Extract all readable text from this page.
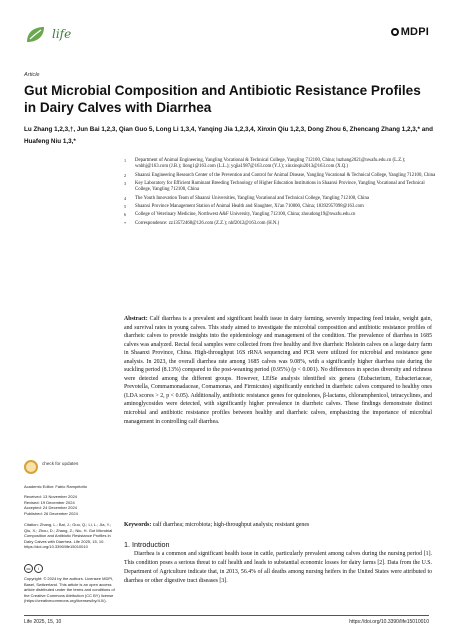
life	MDPI
Article
Gut Microbial Composition and Antibiotic Resistance Profiles in Dairy Calves with Diarrhea
Lu Zhang 1,2,3,†, Jun Bai 1,2,3, Qian Guo 5, Long Li 1,3,4, Yanqing Jia 1,2,3,4, Xinxin Qiu 1,2,3, Dong Zhou 6, Zhencang Zhang 1,2,3,* and Huafeng Niu 1,3,*
1 Department of Animal Engineering, Yangling Vocational & Technical College, Yangling 712100, China; luzhang2021@nwafu.edu.cn (L.Z.); wnbhj@163.com (J.B.); llong1@163.com (L.L.); yqjia1987@163.com (Y.J.); xinxinqiu2013@163.com (X.Q.)
2 Shaanxi Engineering Research Center of the Prevention and Control for Animal Disease, Yangling Vocational & Technical College, Yangling 712100, China
3 Key Laboratory for Efficient Ruminant Breeding Technology of Higher Education Institutions in Shaanxi Province, Yangling Vocational and Technical College, Yangling 712100, China
4 The Youth Innovation Team of Shaanxi Universities, Yangling Vocational and Technical College, Yangling 712100, China
5 Shaanxi Province Management Station of Animal Health and Slaughter, Xi'an 710000, China; 18392957098@163.com
6 College of Veterinary Medicine, Northwest A&F University, Yangling 712100, China; zhoudong19@nwafu.edu.cn
* Correspondence: zz13572468@126.com (Z.Z.); nhf2012@163.com (H.N.)
Abstract: Calf diarrhea is a prevalent and significant health issue in dairy farming, severely impacting feed intake, weight gain, and survival rates in young calves. This study aimed to investigate the microbial composition and antibiotic resistance profiles of diarrheic calves to provide insights into the epidemiology and management of the condition. The prevalence of diarrhea in 1685 calves was analyzed. Rectal fecal samples were collected from five healthy and five diarrheic Holstein calves on a large dairy farm in Shaanxi Province, China. High-throughput 16S rRNA sequencing and PCR were utilized for microbial and resistance gene analysis. In 2023, the overall diarrhea rate among 1685 calves was 9.08%, with a significantly higher diarrhea rate during the suckling period (8.13%) compared to the post-weaning period (0.95%) (p < 0.001). No differences in species diversity and richness were detected among the different groups. However, LEfSe analysis identified six genera (Eubacterium, Eubacteriaceae, Prevotella, Commamonadaceae, Comamonas, and Firmicutes) significantly enriched in diarrheic calves compared to healthy ones (LDA scores > 2, p < 0.05). Additionally, antibiotic resistance genes for quinolones, β-lactams, chloramphenicol, tetracyclines, and aminoglycosides were detected, with significantly higher prevalence in diarrheic calves. These findings demonstrate distinct microbial and antibiotic resistance profiles between healthy and diarrheic calves, emphasizing the importance of microbial management in controlling calf diarrhea.
Keywords: calf diarrhea; microbiota; high-throughput analysis; resistant genes
check for updates
Academic Editor: Fabio Rampelotto
Received: 13 November 2024
Revised: 19 December 2024
Accepted: 24 December 2024
Published: 26 December 2024
Citation: Zhang, L.; Bai, J.; Guo, Q.; Li, L.; Jia, Y.; Qiu, X.; Zhou, D.; Zhang, Z.; Niu, H. Gut Microbial Composition and Antibiotic Resistance Profiles in Dairy Calves with Diarrhea. Life 2025, 15, 10. https://doi.org/10.3390/life15010010
cc	i
Copyright: © 2024 by the authors. Licensee MDPI, Basel, Switzerland. This article is an open access article distributed under the terms and conditions of the Creative Commons Attribution (CC BY) license (https://creativecommons.org/licenses/by/4.0/).
1. Introduction
Diarrhea is a common and significant health issue in cattle, particularly prevalent among calves during the nursing period [1]. This condition poses a serious threat to calf health and leads to substantial economic losses for dairy farms [2]. Data from the U.S. Department of Agriculture indicate that, in 2013, 56.4% of all deaths among nursing heifers in the United States were attributed to diarrhea or other digestive tract diseases [3].
Life 2025, 15, 10	https://doi.org/10.3390/life15010010
